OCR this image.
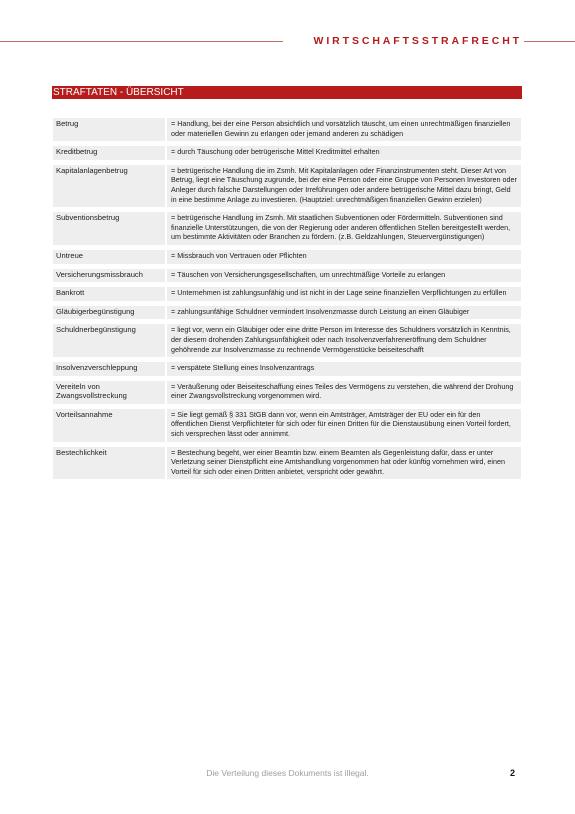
WIRTSCHAFTSSTRAFRECHT
STRAFTATEN - ÜBERSICHT
Betrug	= Handlung, bei der eine Person absichtlich und vorsätzlich täuscht, um einen unrechtmäßigen finanziellen oder materiellen Gewinn zu erlangen oder jemand anderen zu schädigen
Kreditbetrug	= durch Täuschung oder betrügerische Mittel Kreditmittel erhalten
Kapitalanlagenbetrug	= betrügerische Handlung die im Zsmh. Mit Kapitalanlagen oder Finanzinstrumenten steht. Dieser Art von Betrug, liegt eine Täuschung zugrunde, bei der eine Person oder eine Gruppe von Personen Investoren oder Anleger durch falsche Darstellungen oder Irreführungen oder andere betrügerische Mittel dazu bringt, Geld in eine bestimme Anlage zu investieren. (Hauptziel: unrechtmäßigen finanziellen Gewinn erzielen)
Subventionsbetrug	= betrügerische Handlung im Zsmh. Mit staatlichen Subventionen oder Fördermitteln. Subventionen sind finanzielle Unterstützungen, die von der Regierung oder anderen öffentlichen Stellen bereitgestellt werden, um bestimmte Aktivitäten oder Branchen zu fördern. (z.B. Geldzahlungen, Steuervergünstigungen)
Untreue	= Missbrauch von Vertrauen oder Pflichten
Versicherungsmissbrauch	= Täuschen von Versicherungsgesellschaften, um unrechtmäßige Vorteile zu erlangen
Bankrott	= Unternehmen ist zahlungsunfähig und ist nicht in der Lage seine finanziellen Verpflichtungen zu erfüllen
Gläubigerbegünstigung	= zahlungsunfähige Schuldner vermindert Insolvenzmasse durch Leistung an einen Gläubiger
Schuldnerbegünstigung	= liegt vor, wenn ein Gläubiger oder eine dritte Person im Interesse des Schuldners vorsätzlich in Kenntnis, der diesem drohenden Zahlungsunfähigkeit oder nach Insolvenzverfahreneröffnung dem Schuldner gehöhrende zur Insolvenzmasse zu rechnende Vermögenstücke beiseiteschafft
Insolvenzverschleppung	= verspätete Stellung eines Insolvenzantrags
Vereiteln von Zwangsvollstreckung	= Veräußerung oder Beiseiteschaffung eines Teiles des Vermögens zu verstehen, die während der Drohung einer Zwangsvollstreckung vorgenommen wird.
Vorteilsannahme	= Sie liegt gemäß § 331 StGB dann vor, wenn ein Amtsträger, Amtsträger der EU oder ein für den öffentlichen Dienst Verpflichteter für sich oder für einen Dritten für die Dienstausübung einen Vorteil fordert, sich versprechen lässt oder annimmt.
Bestechlichkeit	= Bestechung begeht, wer einer Beamtin bzw. einem Beamten als Gegenleistung dafür, dass er unter Verletzung seiner Dienstpflicht eine Amtshandlung vorgenommen hat oder künftig vornehmen wird, einen Vorteil für sich oder einen Dritten anbietet, verspricht oder gewährt.
Die Verteilung dieses Dokuments ist illegal.	2
